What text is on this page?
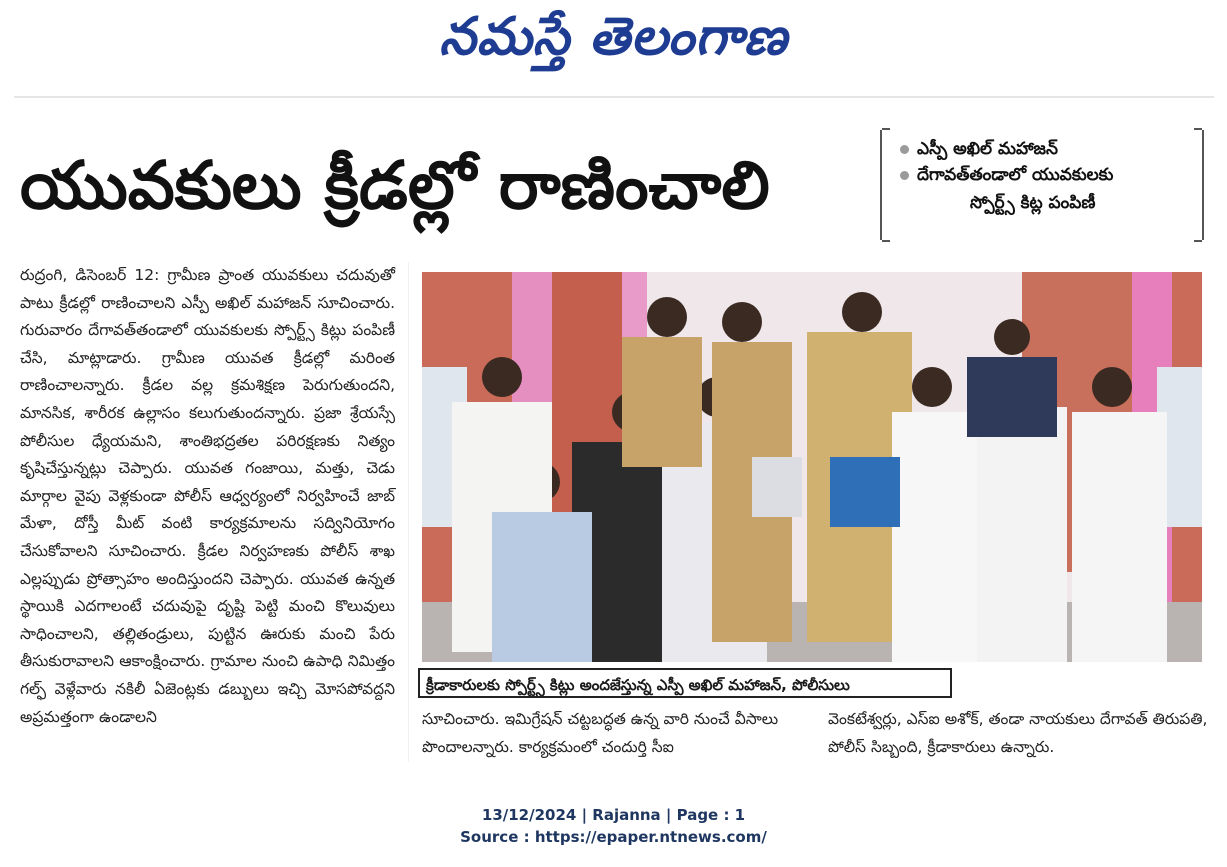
నమస్తే తెలంగాణ
యువకులు క్రీడల్లో రాణించాలి	ఎస్పీ అఖిల్ మహాజన్
దేగావత్‌తండాలో యువకులకు
స్పోర్ట్స్ కిట్ల పంపిణీ

రుద్రంగి, డిసెంబర్ 12: గ్రామీణ ప్రాంత యువకులు చదువుతో పాటు క్రీడల్లో రాణించాలని ఎస్పీ అఖిల్ మహాజన్ సూచించారు. గురువారం దేగావత్‌తండాలో యువకులకు స్పోర్ట్స్ కిట్లు పంపిణీ చేసి, మాట్లాడారు. గ్రామీణ యువత క్రీడల్లో మరింత రాణించాలన్నారు. క్రీడల వల్ల క్రమశిక్షణ పెరుగుతుందని, మానసిక, శారీరక ఉల్లాసం కలుగుతుందన్నారు. ప్రజా శ్రేయస్సే పోలీసుల ధ్యేయమని, శాంతిభద్రతల పరిరక్షణకు నిత్యం కృషిచేస్తున్నట్లు చెప్పారు. యువత గంజాయి, మత్తు, చెడు మార్గాల వైపు వెళ్లకుండా పోలీస్ ఆధ్వర్యంలో నిర్వహించే జాబ్ మేళా, దోస్తీ మీట్ వంటి కార్యక్రమాలను సద్వినియోగం చేసుకోవాలని సూచించారు. క్రీడల నిర్వహణకు పోలీస్ శాఖ ఎల్లప్పుడు ప్రోత్సాహం అందిస్తుందని చెప్పారు. యువత ఉన్నత స్థాయికి ఎదగాలంటే చదువుపై దృష్టి పెట్టి మంచి కొలువులు సాధించాలని, తల్లితండ్రులు, పుట్టిన ఊరుకు మంచి పేరు తీసుకురావాలని ఆకాంక్షించారు. గ్రామాల నుంచి ఉపాధి నిమిత్తం గల్ఫ్ వెళ్లేవారు నకిలీ ఏజెంట్లకు డబ్బులు ఇచ్చి మోసపోవద్దని అప్రమత్తంగా ఉండాలని

క్రీడాకారులకు స్పోర్ట్స్ కిట్లు అందజేస్తున్న ఎస్పీ అఖిల్ మహాజన్, పోలీసులు

సూచించారు. ఇమిగ్రేషన్ చట్టబద్ధత ఉన్న వారి నుంచే వీసాలు పొందాలన్నారు. కార్యక్రమంలో చందుర్తి సీఐ

వెంకటేశ్వర్లు, ఎస్ఐ అశోక్, తండా నాయకులు దేగావత్ తిరుపతి, పోలీస్ సిబ్బంది, క్రీడాకారులు ఉన్నారు.

13/12/2024 | Rajanna | Page : 1
Source : https://epaper.ntnews.com/
